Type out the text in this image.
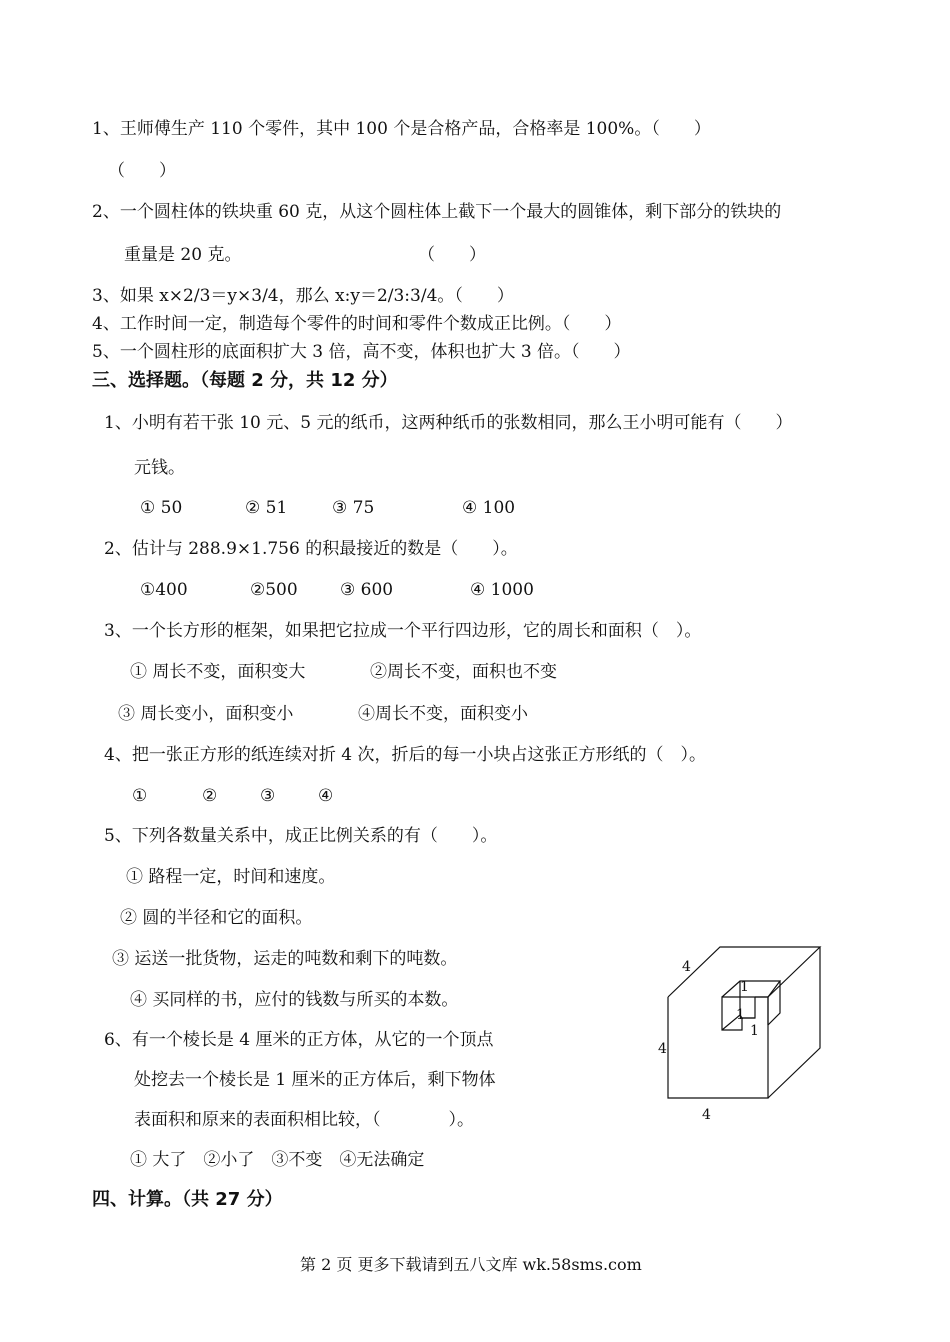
1、王师傅生产 110 个零件，其中 100 个是合格产品，合格率是 100%。（　　）
（　　）
2、一个圆柱体的铁块重 60 克，从这个圆柱体上截下一个最大的圆锥体，剩下部分的铁块的
重量是 20 克。	（　　）
3、如果 x×2/3＝y×3/4，那么 x:y＝2/3:3/4。（　　）
4、工作时间一定，制造每个零件的时间和零件个数成正比例。（　　）
5、一个圆柱形的底面积扩大 3 倍，高不变，体积也扩大 3 倍。（　　）
三、选择题。（每题 2 分，共 12 分）
1、小明有若干张 10 元、5 元的纸币，这两种纸币的张数相同，那么王小明可能有（　　）
元钱。
① 50	② 51	③ 75	④ 100
2、估计与 288.9×1.756 的积最接近的数是（　　）。
①400	②500 ③ 600	④ 1000
3、一个长方形的框架，如果把它拉成一个平行四边形，它的周长和面积（　）。
① 周长不变，面积变大	②周长不变，面积也不变
③ 周长变小，面积变小	④周长不变，面积变小
4、把一张正方形的纸连续对折 4 次，折后的每一小块占这张正方形纸的（　）。
①	②	③	④
5、下列各数量关系中，成正比例关系的有（　　）。
① 路程一定，时间和速度。
② 圆的半径和它的面积。
③ 运送一批货物，运走的吨数和剩下的吨数。
④ 买同样的书，应付的钱数与所买的本数。
6、有一个棱长是 4 厘米的正方体，从它的一个顶点
处挖去一个棱长是 1 厘米的正方体后，剩下物体
表面积和原来的表面积相比较，（　　　　）。
① 大了　②小了　③不变　④无法确定
4
4
4
1
1
1
四、计算。（共 27 分）
第 2 页 更多下载请到五八文库 wk.58sms.com
